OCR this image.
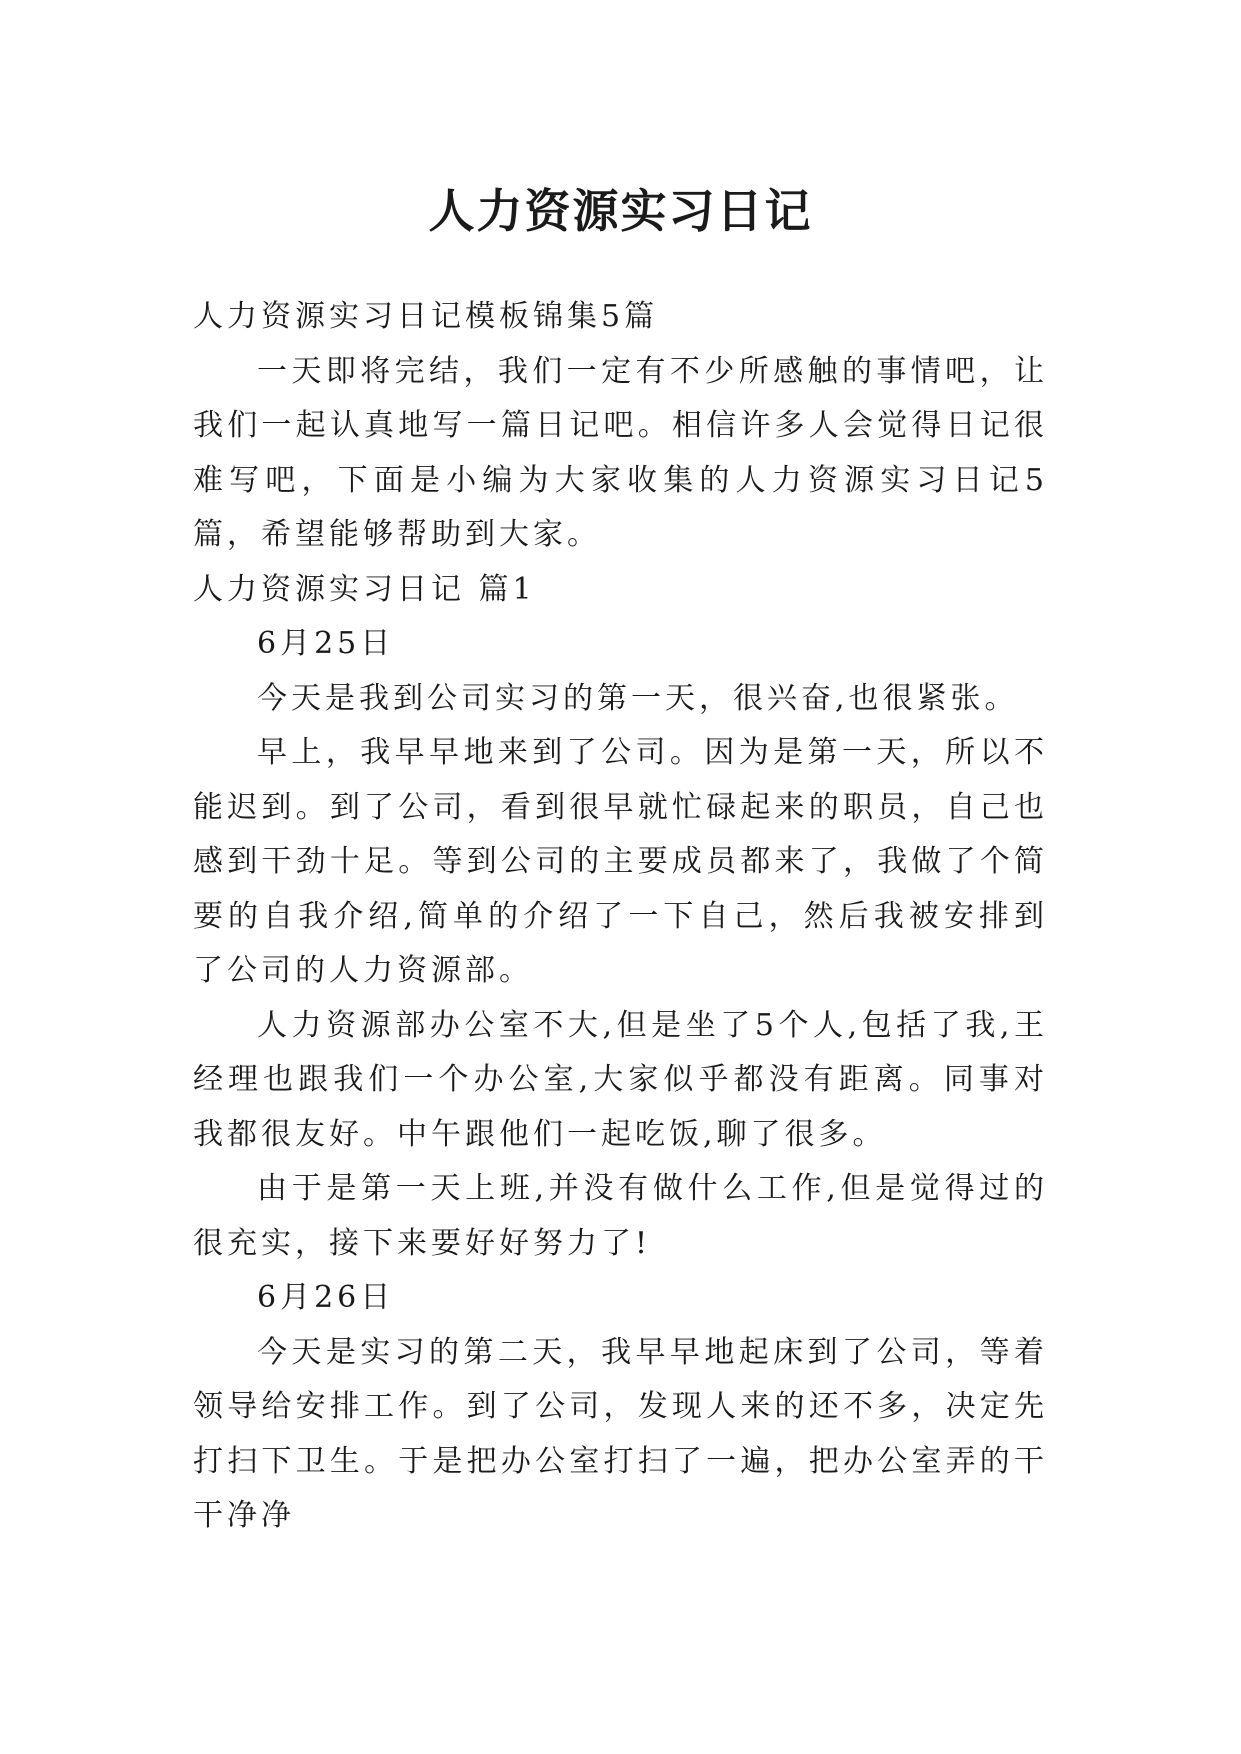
人力资源实习日记

人力资源实习日记模板锦集5篇

一天即将完结，我们一定有不少所感触的事情吧，让我们一起认真地写一篇日记吧。相信许多人会觉得日记很难写吧，下面是小编为大家收集的人力资源实习日记5篇，希望能够帮助到大家。

人力资源实习日记 篇1

6月25日

今天是我到公司实习的第一天，很兴奋,也很紧张。

早上，我早早地来到了公司。因为是第一天，所以不能迟到。到了公司，看到很早就忙碌起来的职员，自己也感到干劲十足。等到公司的主要成员都来了，我做了个简要的自我介绍,简单的介绍了一下自己，然后我被安排到了公司的人力资源部。

人力资源部办公室不大,但是坐了5个人,包括了我,王经理也跟我们一个办公室,大家似乎都没有距离。同事对我都很友好。中午跟他们一起吃饭,聊了很多。

由于是第一天上班,并没有做什么工作,但是觉得过的很充实，接下来要好好努力了!

6月26日

今天是实习的第二天，我早早地起床到了公司，等着领导给安排工作。到了公司，发现人来的还不多，决定先打扫下卫生。于是把办公室打扫了一遍，把办公室弄的干干净净
